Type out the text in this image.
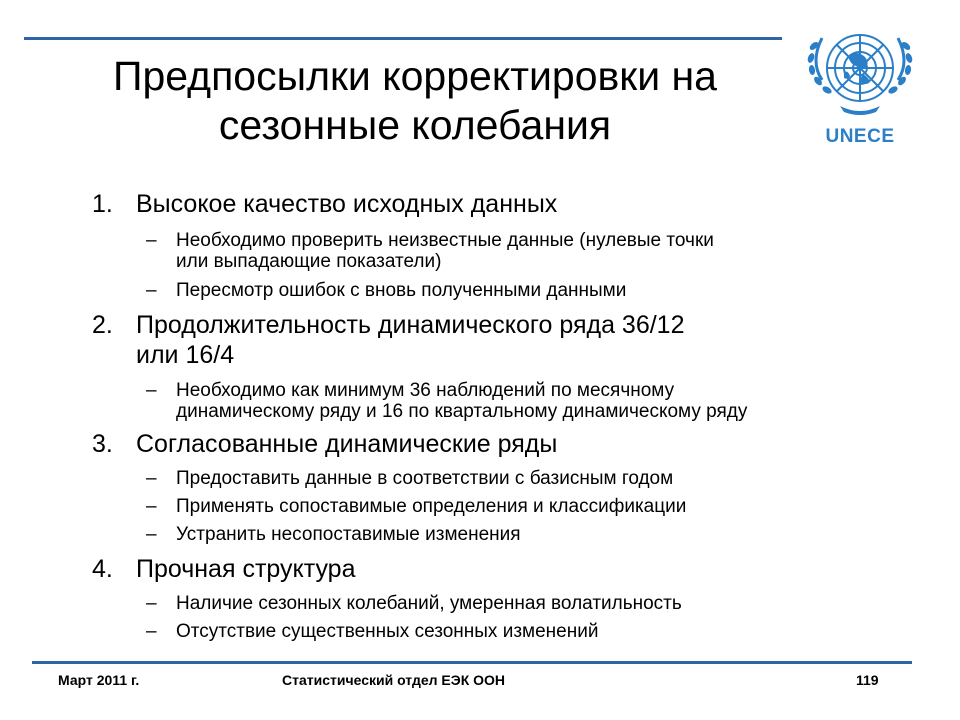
UNECE
Предпосылки корректировки на
сезонные колебания
1. Высокое качество исходных данных
– Необходимо проверить неизвестные данные (нулевые точки
или выпадающие показатели)
– Пересмотр ошибок с вновь полученными данными
2. Продолжительность динамического ряда 36/12
или 16/4
– Необходимо как минимум 36 наблюдений по месячному
динамическому ряду и 16 по квартальному динамическому ряду
3. Согласованные динамические ряды
– Предоставить данные в соответствии с базисным годом
– Применять сопоставимые определения и классификации
– Устранить несопоставимые изменения
4. Прочная структура
– Наличие сезонных колебаний, умеренная волатильность
– Отсутствие существенных сезонных изменений
Март 2011 г.	Статистический отдел ЕЭК ООН	119
